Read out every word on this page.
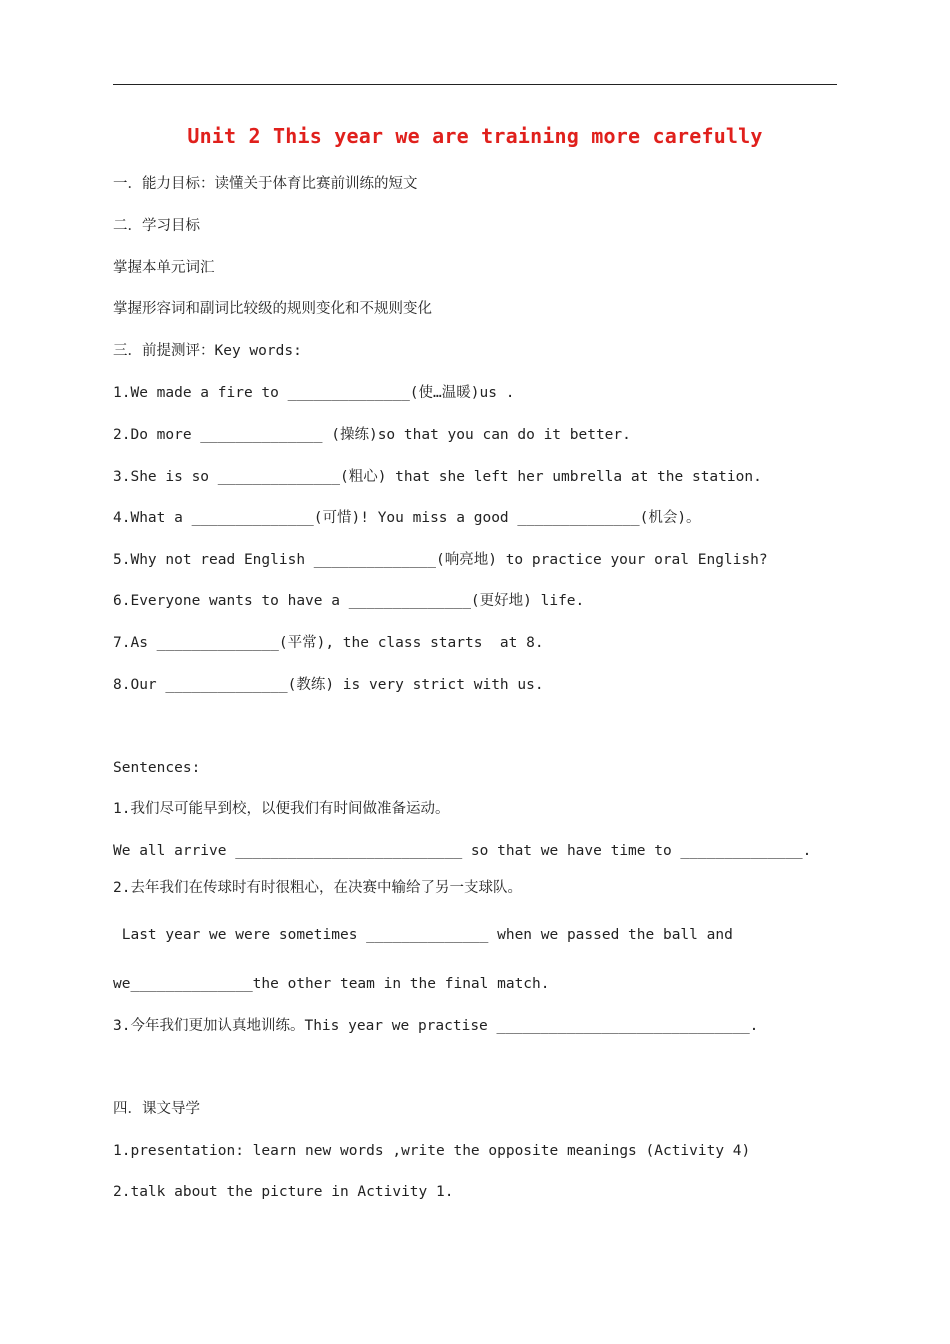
Unit 2 This year we are training more carefully
一．能力目标：读懂关于体育比赛前训练的短文
二．学习目标
掌握本单元词汇
掌握形容词和副词比较级的规则变化和不规则变化
三．前提测评：Key words:
1.We made a fire to ______________(使…温暖)us .
2.Do more ______________ (操练)so that you can do it better.
3.She is so ______________(粗心) that she left her umbrella at the station.
4.What a ______________(可惜)! You miss a good ______________(机会)。
5.Why not read English ______________(响亮地) to practice your oral English?
6.Everyone wants to have a ______________(更好地) life.
7.As ______________(平常), the class starts  at 8.
8.Our ______________(教练) is very strict with us.
Sentences:
1.我们尽可能早到校，以便我们有时间做准备运动。
We all arrive __________________________ so that we have time to ______________.
2.去年我们在传球时有时很粗心，在决赛中输给了另一支球队。
Last year we were sometimes ______________ when we passed the ball and
we______________the other team in the final match.
3.今年我们更加认真地训练。This year we practise _____________________________.
四．课文导学
1.presentation: learn new words ,write the opposite meanings (Activity 4)
2.talk about the picture in Activity 1.
